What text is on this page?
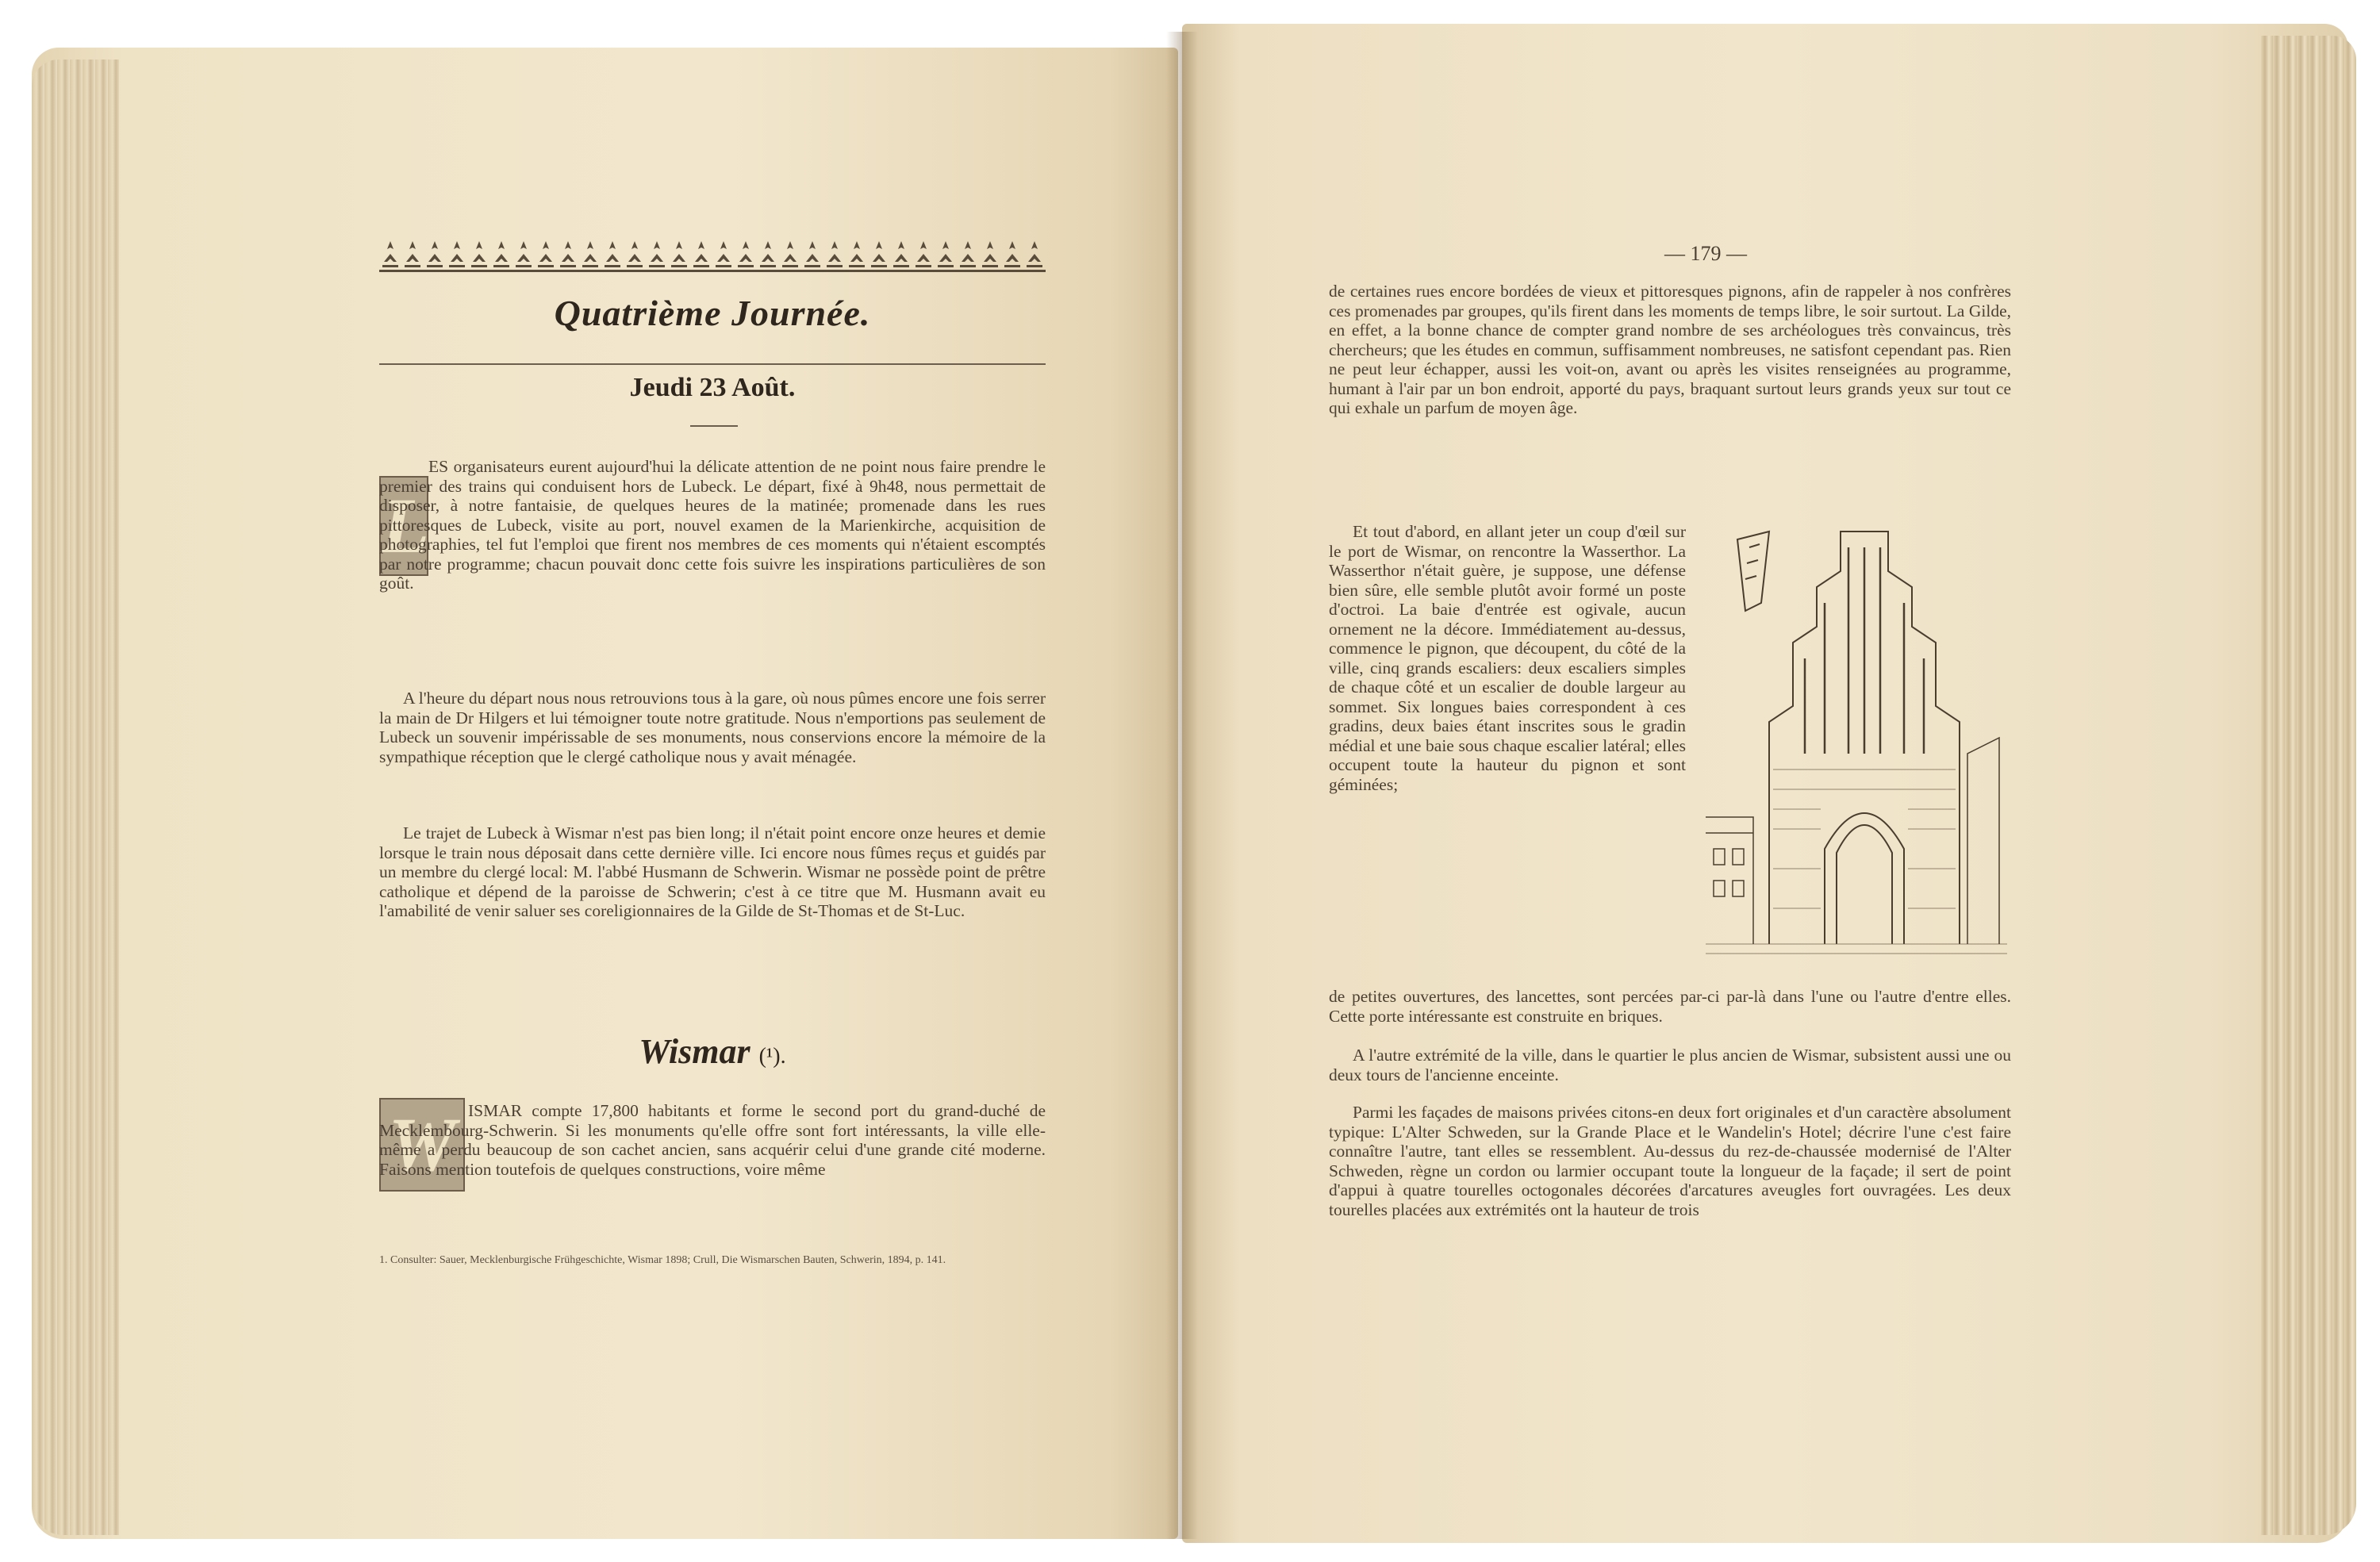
Quatrième Journée.
Jeudi 23 Août.
L
ES organisateurs eurent aujourd'hui la délicate attention de ne point nous faire prendre le premier des trains qui conduisent hors de Lubeck. Le départ, fixé à 9h48, nous permettait de disposer, à notre fantaisie, de quelques heures de la matinée; promenade dans les rues pittoresques de Lubeck, visite au port, nouvel examen de la Marienkirche, acquisition de photographies, tel fut l'emploi que firent nos membres de ces moments qui n'étaient escomptés par notre programme; chacun pouvait donc cette fois suivre les inspirations particulières de son goût.
A l'heure du départ nous nous retrouvions tous à la gare, où nous pûmes encore une fois serrer la main de Dr Hilgers et lui témoigner toute notre gratitude. Nous n'emportions pas seulement de Lubeck un souvenir impérissable de ses monuments, nous conservions encore la mémoire de la sympathique réception que le clergé catholique nous y avait ménagée.
Le trajet de Lubeck à Wismar n'est pas bien long; il n'était point encore onze heures et demie lorsque le train nous déposait dans cette dernière ville. Ici encore nous fûmes reçus et guidés par un membre du clergé local: M. l'abbé Husmann de Schwerin. Wismar ne possède point de prêtre catholique et dépend de la paroisse de Schwerin; c'est à ce titre que M. Husmann avait eu l'amabilité de venir saluer ses coreligionnaires de la Gilde de St-Thomas et de St-Luc.
Wismar (¹).
W ISMAR compte 17,800 habitants et forme le second port du grand-duché de Mecklembourg-Schwerin. Si les monuments qu'elle offre sont fort intéressants, la ville elle-même a perdu beaucoup de son cachet ancien, sans acquérir celui d'une grande cité moderne. Faisons mention toutefois de quelques constructions, voire même
1. Consulter: Sauer, Mecklenburgische Frühgeschichte, Wismar 1898; Crull, Die Wismarschen Bauten, Schwerin, 1894, p. 141.
— 179 —
de certaines rues encore bordées de vieux et pittoresques pignons, afin de rappeler à nos confrères ces promenades par groupes, qu'ils firent dans les moments de temps libre, le soir surtout. La Gilde, en effet, a la bonne chance de compter grand nombre de ses archéologues très convaincus, très chercheurs; que les études en commun, suffisamment nombreuses, ne satisfont cependant pas. Rien ne peut leur échapper, aussi les voit-on, avant ou après les visites renseignées au programme, humant à l'air par un bon endroit, apporté du pays, braquant surtout leurs grands yeux sur tout ce qui exhale un parfum de moyen âge.
Et tout d'abord, en allant jeter un coup d'œil sur le port de Wismar, on rencontre la Wasserthor. La Wasserthor n'était guère, je suppose, une défense bien sûre, elle semble plutôt avoir formé un poste d'octroi. La baie d'entrée est ogivale, aucun ornement ne la décore. Immédiatement au-dessus, commence le pignon, que découpent, du côté de la ville, cinq grands escaliers: deux escaliers simples de chaque côté et un escalier de double largeur au sommet. Six longues baies correspondent à ces gradins, deux baies étant inscrites sous le gradin médial et une baie sous chaque escalier latéral; elles occupent toute la hauteur du pignon et sont géminées;
de petites ouvertures, des lancettes, sont percées par-ci par-là dans l'une ou l'autre d'entre elles. Cette porte intéressante est construite en briques.
A l'autre extrémité de la ville, dans le quartier le plus ancien de Wismar, subsistent aussi une ou deux tours de l'ancienne enceinte.
Parmi les façades de maisons privées citons-en deux fort originales et d'un caractère absolument typique: L'Alter Schweden, sur la Grande Place et le Wandelin's Hotel; décrire l'une c'est faire connaître l'autre, tant elles se ressemblent. Au-dessus du rez-de-chaussée modernisé de l'Alter Schweden, règne un cordon ou larmier occupant toute la longueur de la façade; il sert de point d'appui à quatre tourelles octogonales décorées d'arcatures aveugles fort ouvragées. Les deux tourelles placées aux extrémités ont la hauteur de trois
